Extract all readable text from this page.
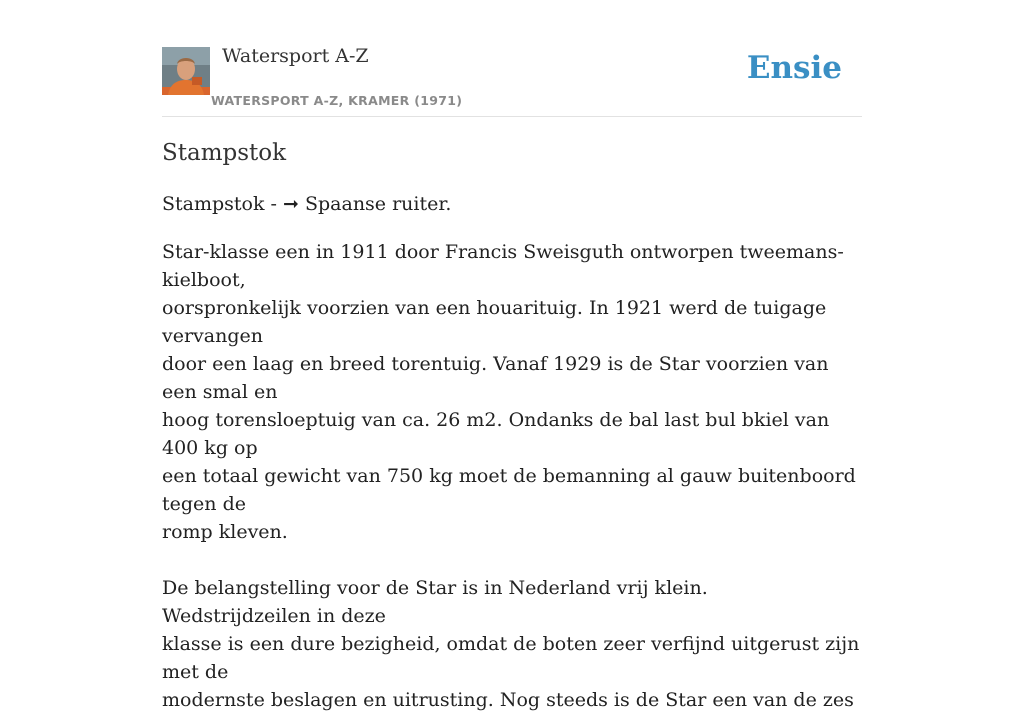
Watersport A-Z
WATERSPORT A-Z, KRAMER (1971)
Ensie
Stampstok
Stampstok - ➞ Spaanse ruiter.

Star-klasse een in 1911 door Francis Sweisguth ontworpen tweemans-kielboot,
oorspronkelijk voorzien van een houarituig. In 1921 werd de tuigage vervangen
door een laag en breed torentuig. Vanaf 1929 is de Star voorzien van een smal en
hoog torensloeptuig van ca. 26 m2. Ondanks de bal last bul bkiel van 400 kg op
een totaal gewicht van 750 kg moet de bemanning al gauw buitenboord tegen de
romp kleven.

De belangstelling voor de Star is in Nederland vrij klein. Wedstrijdzeilen in deze
klasse is een dure bezigheid, omdat de boten zeer verfijnd uitgerust zijn met de
modernste beslagen en uitrusting. Nog steeds is de Star een van de zes
